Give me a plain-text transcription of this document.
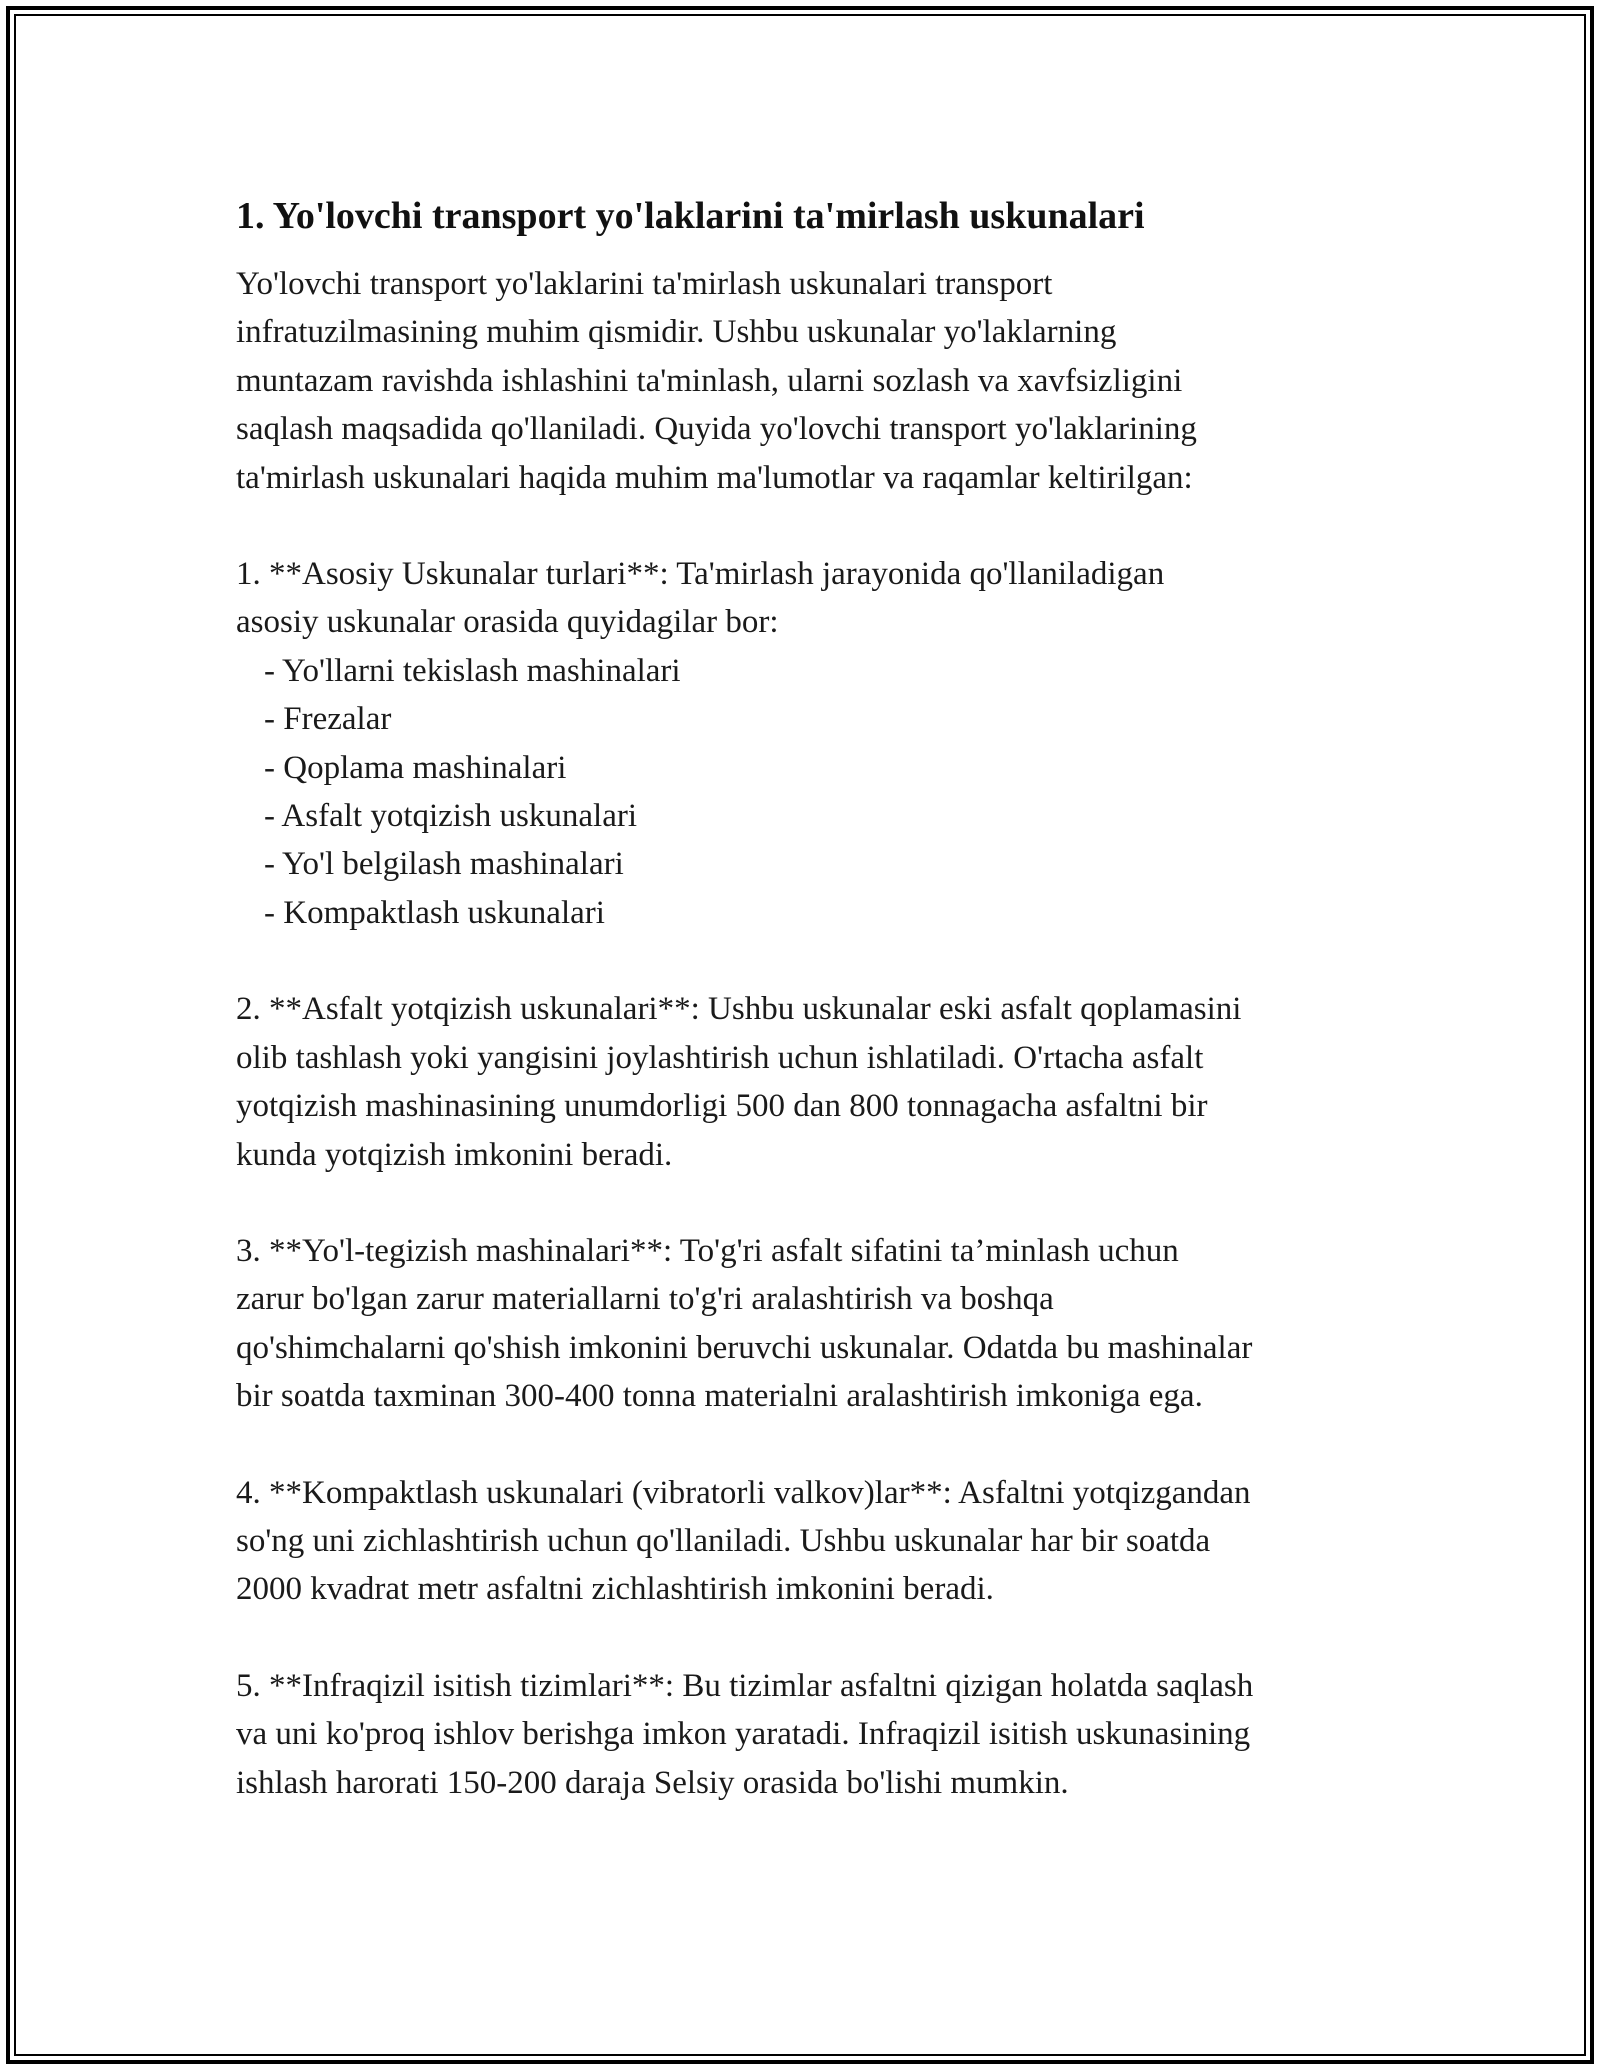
1. Yo'lovchi transport yo'laklarini ta'mirlash uskunalari

Yo'lovchi transport yo'laklarini ta'mirlash uskunalari transport
infratuzilmasining muhim qismidir. Ushbu uskunalar yo'laklarning
muntazam ravishda ishlashini ta'minlash, ularni sozlash va xavfsizligini
saqlash maqsadida qo'llaniladi. Quyida yo'lovchi transport yo'laklarining
ta'mirlash uskunalari haqida muhim ma'lumotlar va raqamlar keltirilgan:

1. **Asosiy Uskunalar turlari**: Ta'mirlash jarayonida qo'llaniladigan
asosiy uskunalar orasida quyidagilar bor:

- Yo'llarni tekislash mashinalari
- Frezalar
- Qoplama mashinalari
- Asfalt yotqizish uskunalari
- Yo'l belgilash mashinalari
- Kompaktlash uskunalari

2. **Asfalt yotqizish uskunalari**: Ushbu uskunalar eski asfalt qoplamasini
olib tashlash yoki yangisini joylashtirish uchun ishlatiladi. O'rtacha asfalt
yotqizish mashinasining unumdorligi 500 dan 800 tonnagacha asfaltni bir
kunda yotqizish imkonini beradi.

3. **Yo'l-tegizish mashinalari**: To'g'ri asfalt sifatini ta’minlash uchun
zarur bo'lgan zarur materiallarni to'g'ri aralashtirish va boshqa
qo'shimchalarni qo'shish imkonini beruvchi uskunalar. Odatda bu mashinalar
bir soatda taxminan 300-400 tonna materialni aralashtirish imkoniga ega.

4. **Kompaktlash uskunalari (vibratorli valkov)lar**: Asfaltni yotqizgandan
so'ng uni zichlashtirish uchun qo'llaniladi. Ushbu uskunalar har bir soatda
2000 kvadrat metr asfaltni zichlashtirish imkonini beradi.

5. **Infraqizil isitish tizimlari**: Bu tizimlar asfaltni qizigan holatda saqlash
va uni ko'proq ishlov berishga imkon yaratadi. Infraqizil isitish uskunasining
ishlash harorati 150-200 daraja Selsiy orasida bo'lishi mumkin.
